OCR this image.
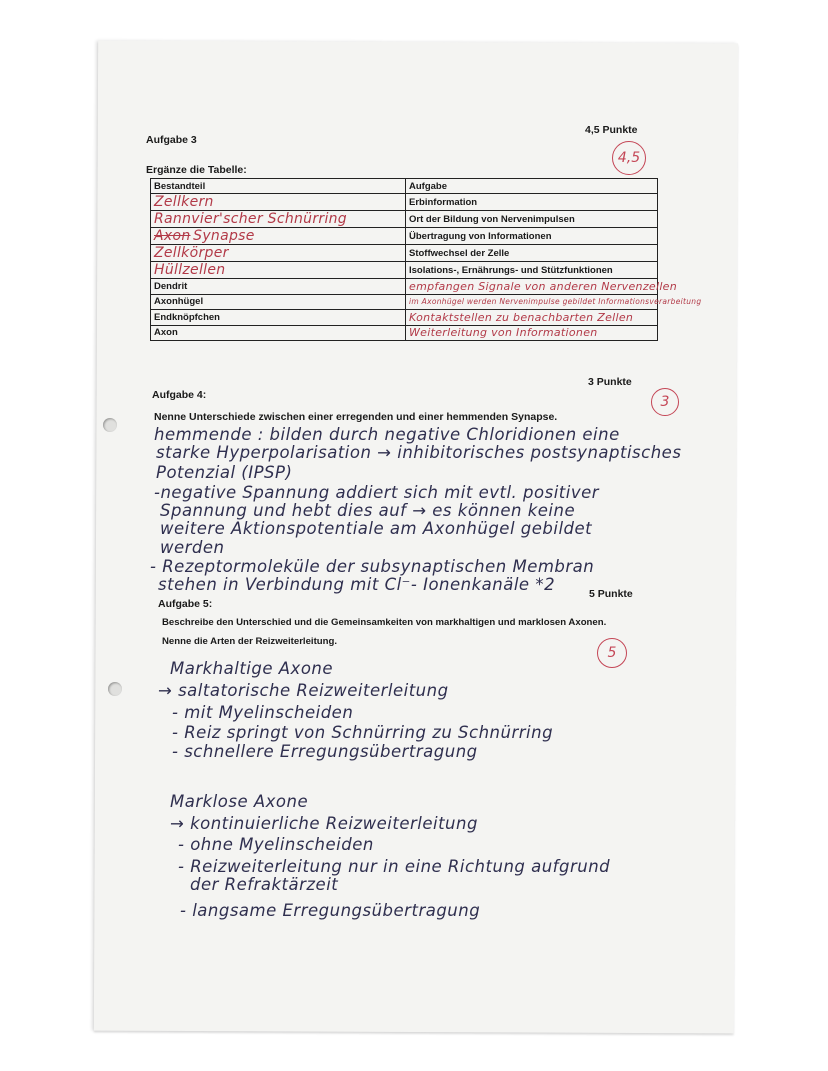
Aufgabe 3
4,5 Punkte
4,5
Ergänze die Tabelle:
Bestandteil	Aufgabe
Zellkern	Erbinformation
Rannvier'scher Schnürring	Ort der Bildung von Nervenimpulsen
Axon Synapse	Übertragung von Informationen
Zellkörper	Stoffwechsel der Zelle
Hüllzellen	Isolations-, Ernährungs- und Stützfunktionen
Dendrit	empfangen Signale von anderen Nervenzellen
Axonhügel	im Axonhügel werden Nervenimpulse gebildet Informationsverarbeitung

Endknöpfchen	Kontaktstellen zu benachbarten Zellen
Axon	Weiterleitung von Informationen
Aufgabe 4:
3 Punkte
3
Nenne Unterschiede zwischen einer erregenden und einer hemmenden Synapse.
hemmende : bilden durch negative Chloridionen eine
starke Hyperpolarisation → inhibitorisches postsynaptisches
Potenzial (IPSP)
-negative Spannung addiert sich mit evtl. positiver
Spannung und hebt dies auf → es können keine
weitere Aktionspotentiale am Axonhügel gebildet
werden
- Rezeptormoleküle der subsynaptischen Membran
stehen in Verbindung mit Cl⁻- Ionenkanäle *2
Aufgabe 5:
5 Punkte
5
Beschreibe den Unterschied und die Gemeinsamkeiten von markhaltigen und marklosen Axonen.
Nenne die Arten der Reizweiterleitung.
Markhaltige Axone
→ saltatorische Reizweiterleitung
- mit Myelinscheiden
- Reiz springt von Schnürring zu Schnürring
- schnellere Erregungsübertragung
Marklose Axone
→ kontinuierliche Reizweiterleitung
- ohne Myelinscheiden
- Reizweiterleitung nur in eine Richtung aufgrund
der Refraktärzeit
- langsame Erregungsübertragung
